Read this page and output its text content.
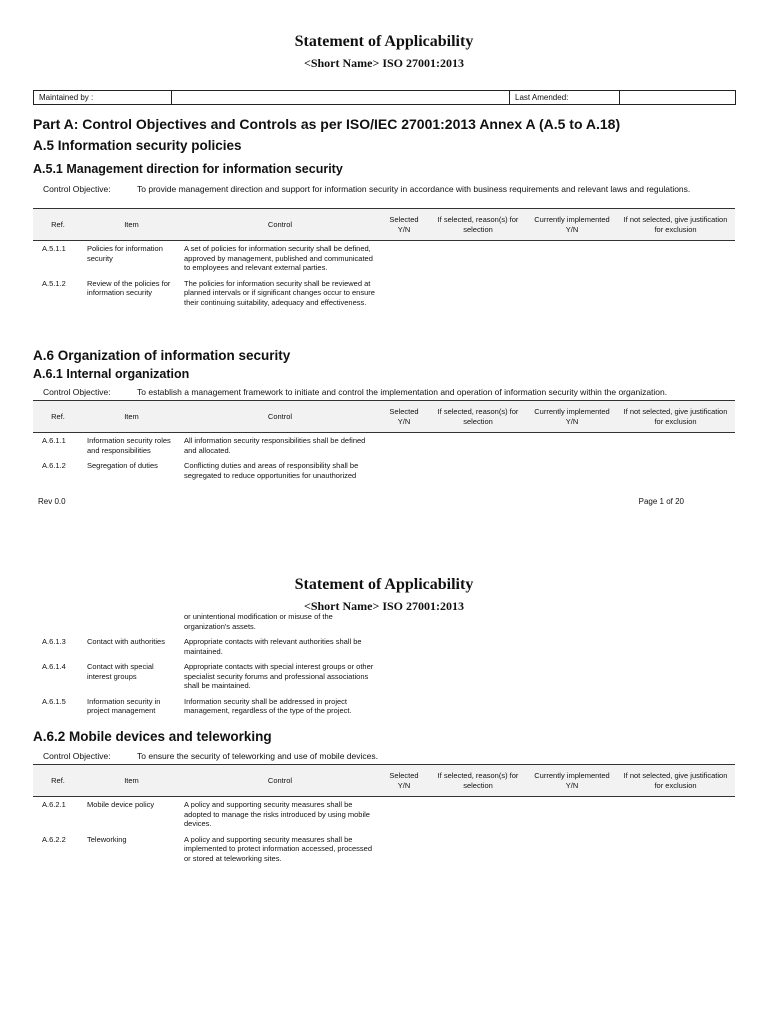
Statement of Applicability
<Short Name> ISO 27001:2013
Maintained by :		Last Amended:	
Part A: Control Objectives and Controls as per ISO/IEC 27001:2013 Annex A (A.5 to A.18)
A.5 Information security policies
A.5.1 Management direction for information security
Control Objective:	To provide management direction and support for information security in accordance with business requirements and relevant laws and regulations.
Ref.	Item	Control	Selected Y/N	If selected, reason(s) for selection	Currently implemented Y/N	If not selected, give justification for exclusion
A.5.1.1	Policies for information security	A set of policies for information security shall be defined, approved by management, published and communicated to employees and relevant external parties.				
A.5.1.2	Review of the policies for information security	The policies for information security shall be reviewed at planned intervals or if significant changes occur to ensure their continuing suitability, adequacy and effectiveness.				
A.6 Organization of information security
A.6.1 Internal organization
Control Objective:	To establish a management framework to initiate and control the implementation and operation of information security within the organization.
Ref.	Item	Control	Selected Y/N	If selected, reason(s) for selection	Currently implemented Y/N	If not selected, give justification for exclusion
A.6.1.1	Information security roles and responsibilities	All information security responsibilities shall be defined and allocated.				
A.6.1.2	Segregation of duties	Conflicting duties and areas of responsibility shall be segregated to reduce opportunities for unauthorized				
Rev 0.0	Page 1 of 20
Statement of Applicability
<Short Name> ISO 27001:2013
		or unintentional modification or misuse of the organization's assets.				
A.6.1.3	Contact with authorities	Appropriate contacts with relevant authorities shall be maintained.				
A.6.1.4	Contact with special interest groups	Appropriate contacts with special interest groups or other specialist security forums and professional associations shall be maintained.				
A.6.1.5	Information security in project management	Information security shall be addressed in project management, regardless of the type of the project.				
A.6.2 Mobile devices and teleworking
Control Objective:	To ensure the security of teleworking and use of mobile devices.
Ref.	Item	Control	Selected Y/N	If selected, reason(s) for selection	Currently implemented Y/N	If not selected, give justification for exclusion
A.6.2.1	Mobile device policy	A policy and supporting security measures shall be adopted to manage the risks introduced by using mobile devices.				
A.6.2.2	Teleworking	A policy and supporting security measures shall be implemented to protect information accessed, processed or stored at teleworking sites.				
